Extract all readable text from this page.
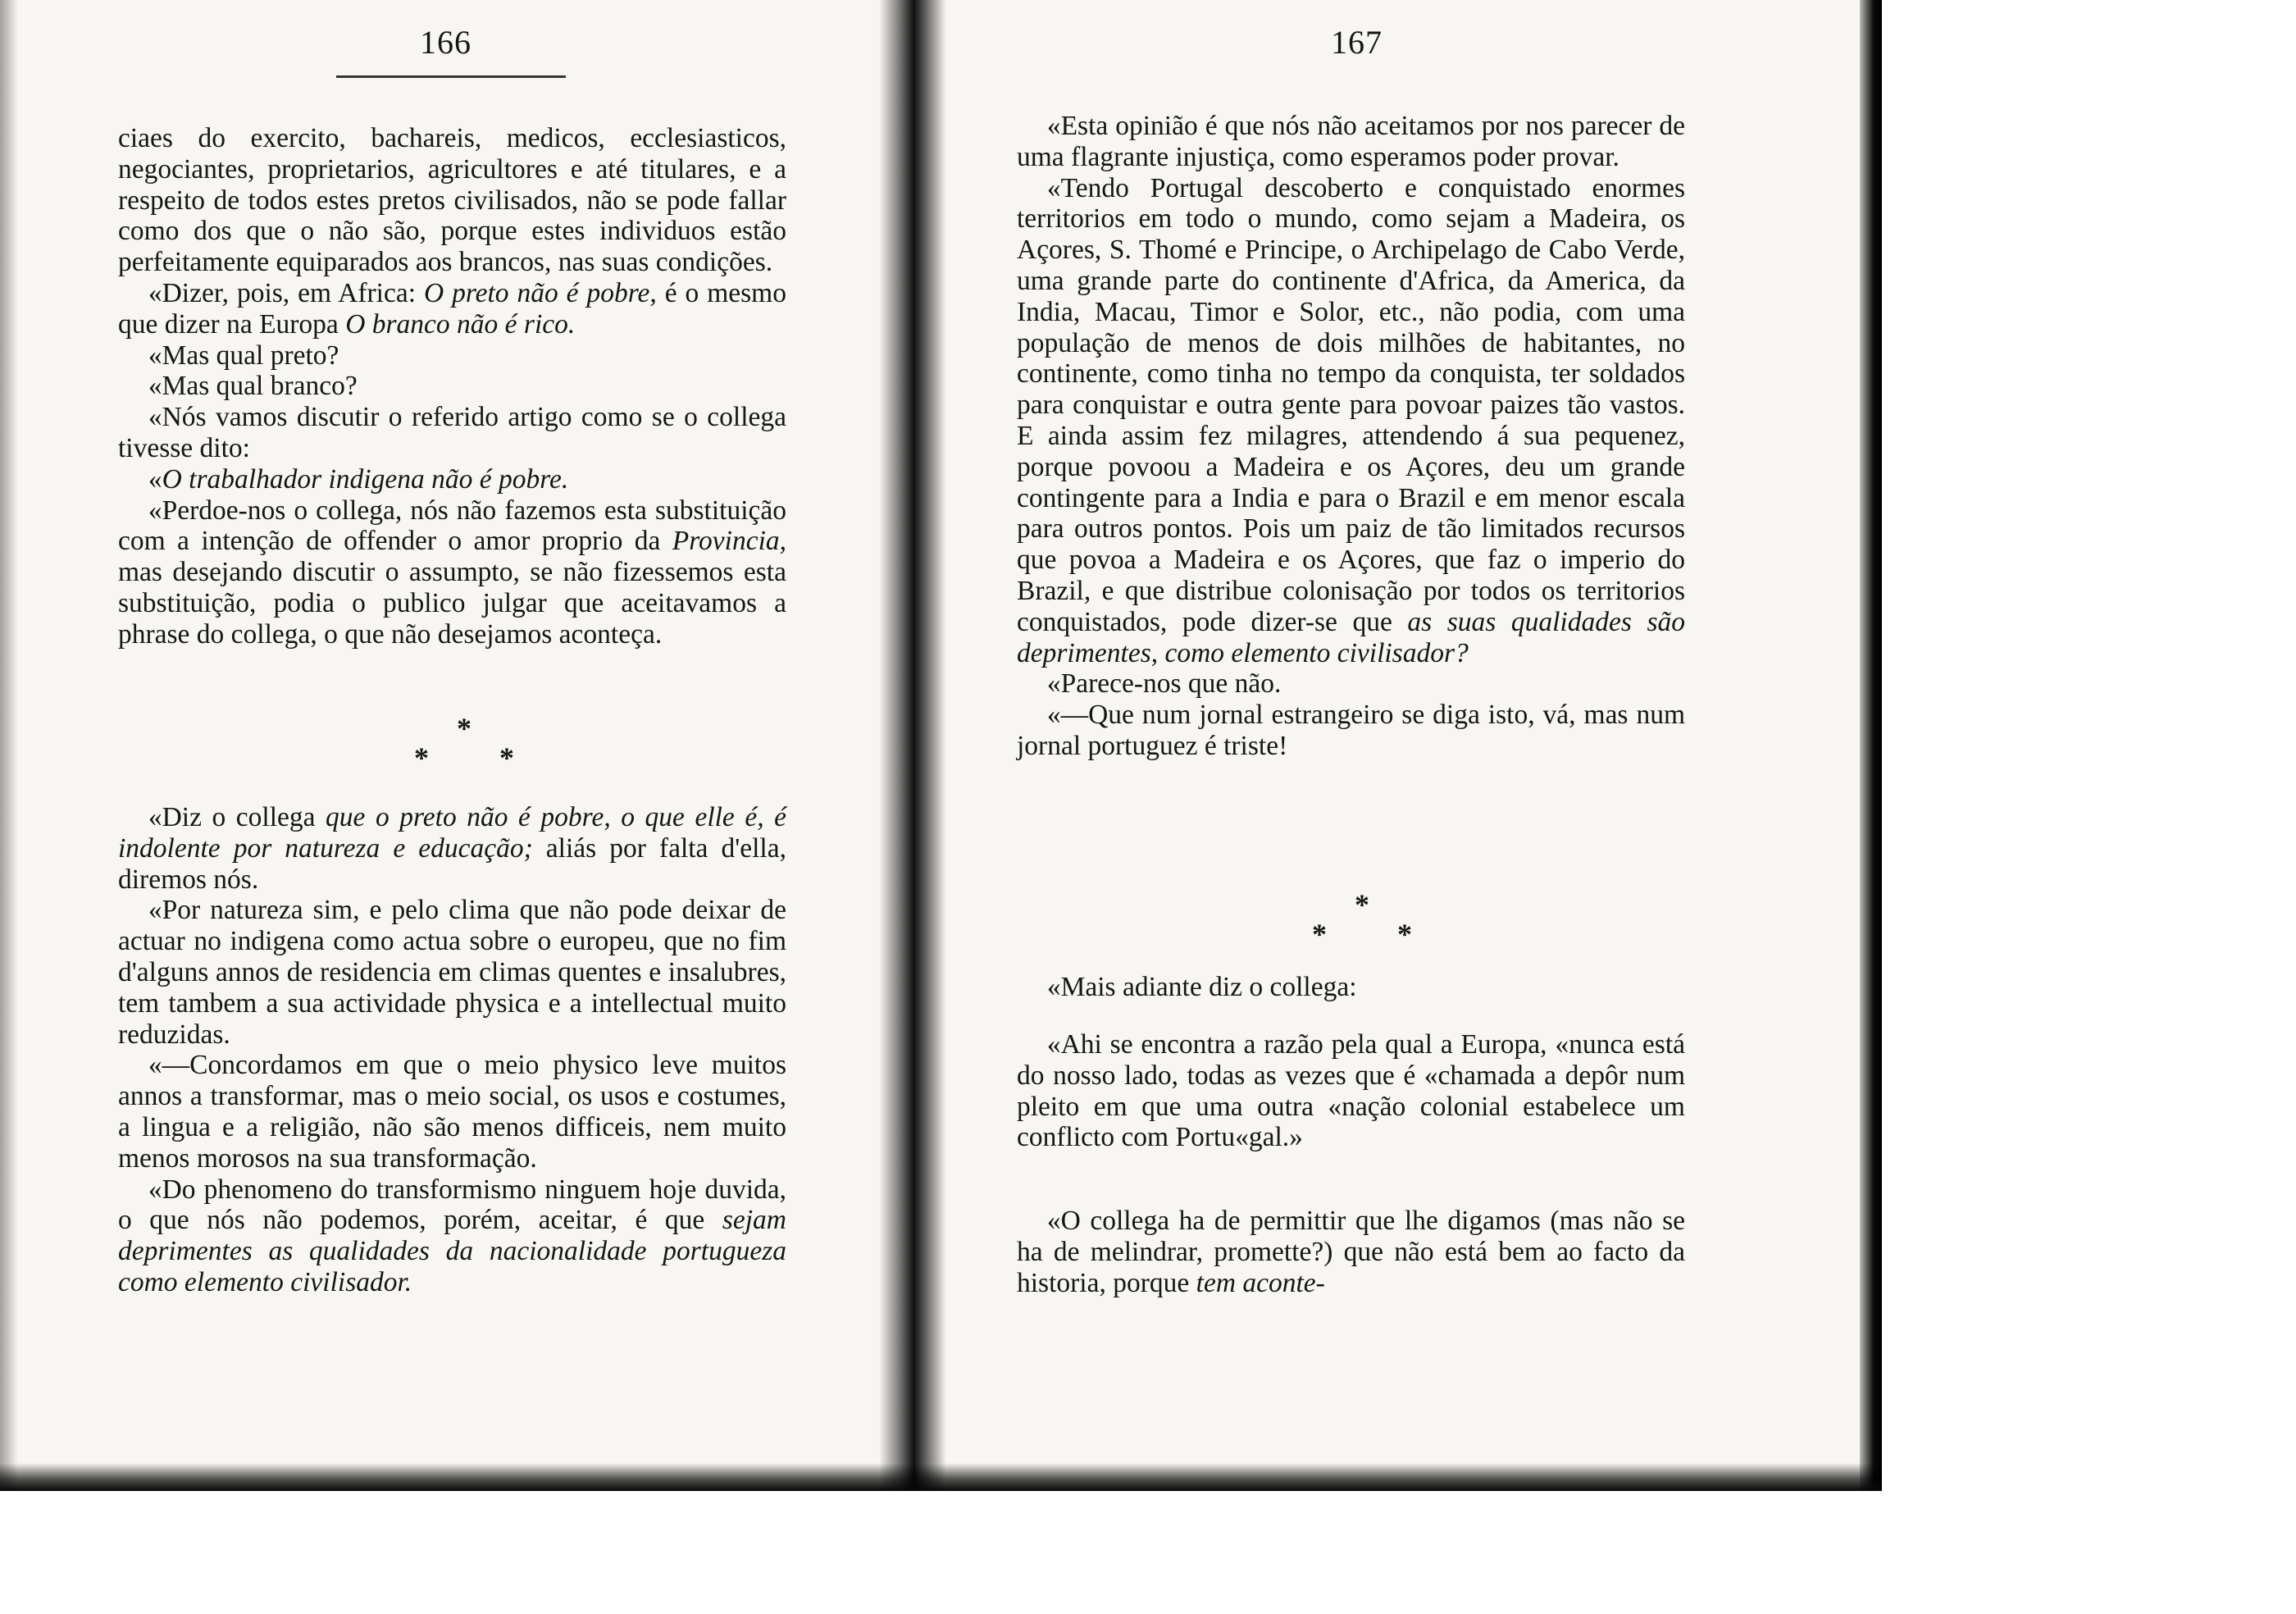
166

ciaes do exercito, bachareis, medicos, ecclesiasticos, negociantes, proprietarios, agricultores e até titulares, e a respeito de todos estes pretos civilisados, não se pode fallar como dos que o não são, porque estes individuos estão perfeitamente equiparados aos brancos, nas suas condições.

«Dizer, pois, em Africa: O preto não é pobre, é o mesmo que dizer na Europa O branco não é rico.

«Mas qual preto?

«Mas qual branco?

«Nós vamos discutir o referido artigo como se o collega tivesse dito:

«O trabalhador indigena não é pobre.

«Perdoe-nos o collega, nós não fazemos esta substituição com a intenção de offender o amor proprio da Provincia, mas desejando discutir o assumpto, se não fizessemos esta substituição, podia o publico julgar que aceitavamos a phrase do collega, o que não desejamos aconteça.

*
* *

«Diz o collega que o preto não é pobre, o que elle é, é indolente por natureza e educação; aliás por falta d'ella, diremos nós.

«Por natureza sim, e pelo clima que não pode deixar de actuar no indigena como actua sobre o europeu, que no fim d'alguns annos de residencia em climas quentes e insalubres, tem tambem a sua actividade physica e a intellectual muito reduzidas.

«—Concordamos em que o meio physico leve muitos annos a transformar, mas o meio social, os usos e costumes, a lingua e a religião, não são menos difficeis, nem muito menos morosos na sua transformação.

«Do phenomeno do transformismo ninguem hoje duvida, o que nós não podemos, porém, aceitar, é que sejam deprimentes as qualidades da nacionalidade portugueza como elemento civilisador.

167

«Esta opinião é que nós não aceitamos por nos parecer de uma flagrante injustiça, como esperamos poder provar.

«Tendo Portugal descoberto e conquistado enormes territorios em todo o mundo, como sejam a Madeira, os Açores, S. Thomé e Principe, o Archipelago de Cabo Verde, uma grande parte do continente d'Africa, da America, da India, Macau, Timor e Solor, etc., não podia, com uma população de menos de dois milhões de habitantes, no continente, como tinha no tempo da conquista, ter soldados para conquistar e outra gente para povoar paizes tão vastos. E ainda assim fez milagres, attendendo á sua pequenez, porque povoou a Madeira e os Açores, deu um grande contingente para a India e para o Brazil e em menor escala para outros pontos. Pois um paiz de tão limitados recursos que povoa a Madeira e os Açores, que faz o imperio do Brazil, e que distribue colonisação por todos os territorios conquistados, pode dizer-se que as suas qualidades são deprimentes, como elemento civilisador?

«Parece-nos que não.

«—Que num jornal estrangeiro se diga isto, vá, mas num jornal portuguez é triste!

*
* *

«Mais adiante diz o collega:

«Ahi se encontra a razão pela qual a Europa, «nunca está do nosso lado, todas as vezes que é «chamada a depôr num pleito em que uma outra «nação colonial estabelece um conflicto com Portu«gal.»

«O collega ha de permittir que lhe digamos (mas não se ha de melindrar, promette?) que não está bem ao facto da historia, porque tem aconte-
